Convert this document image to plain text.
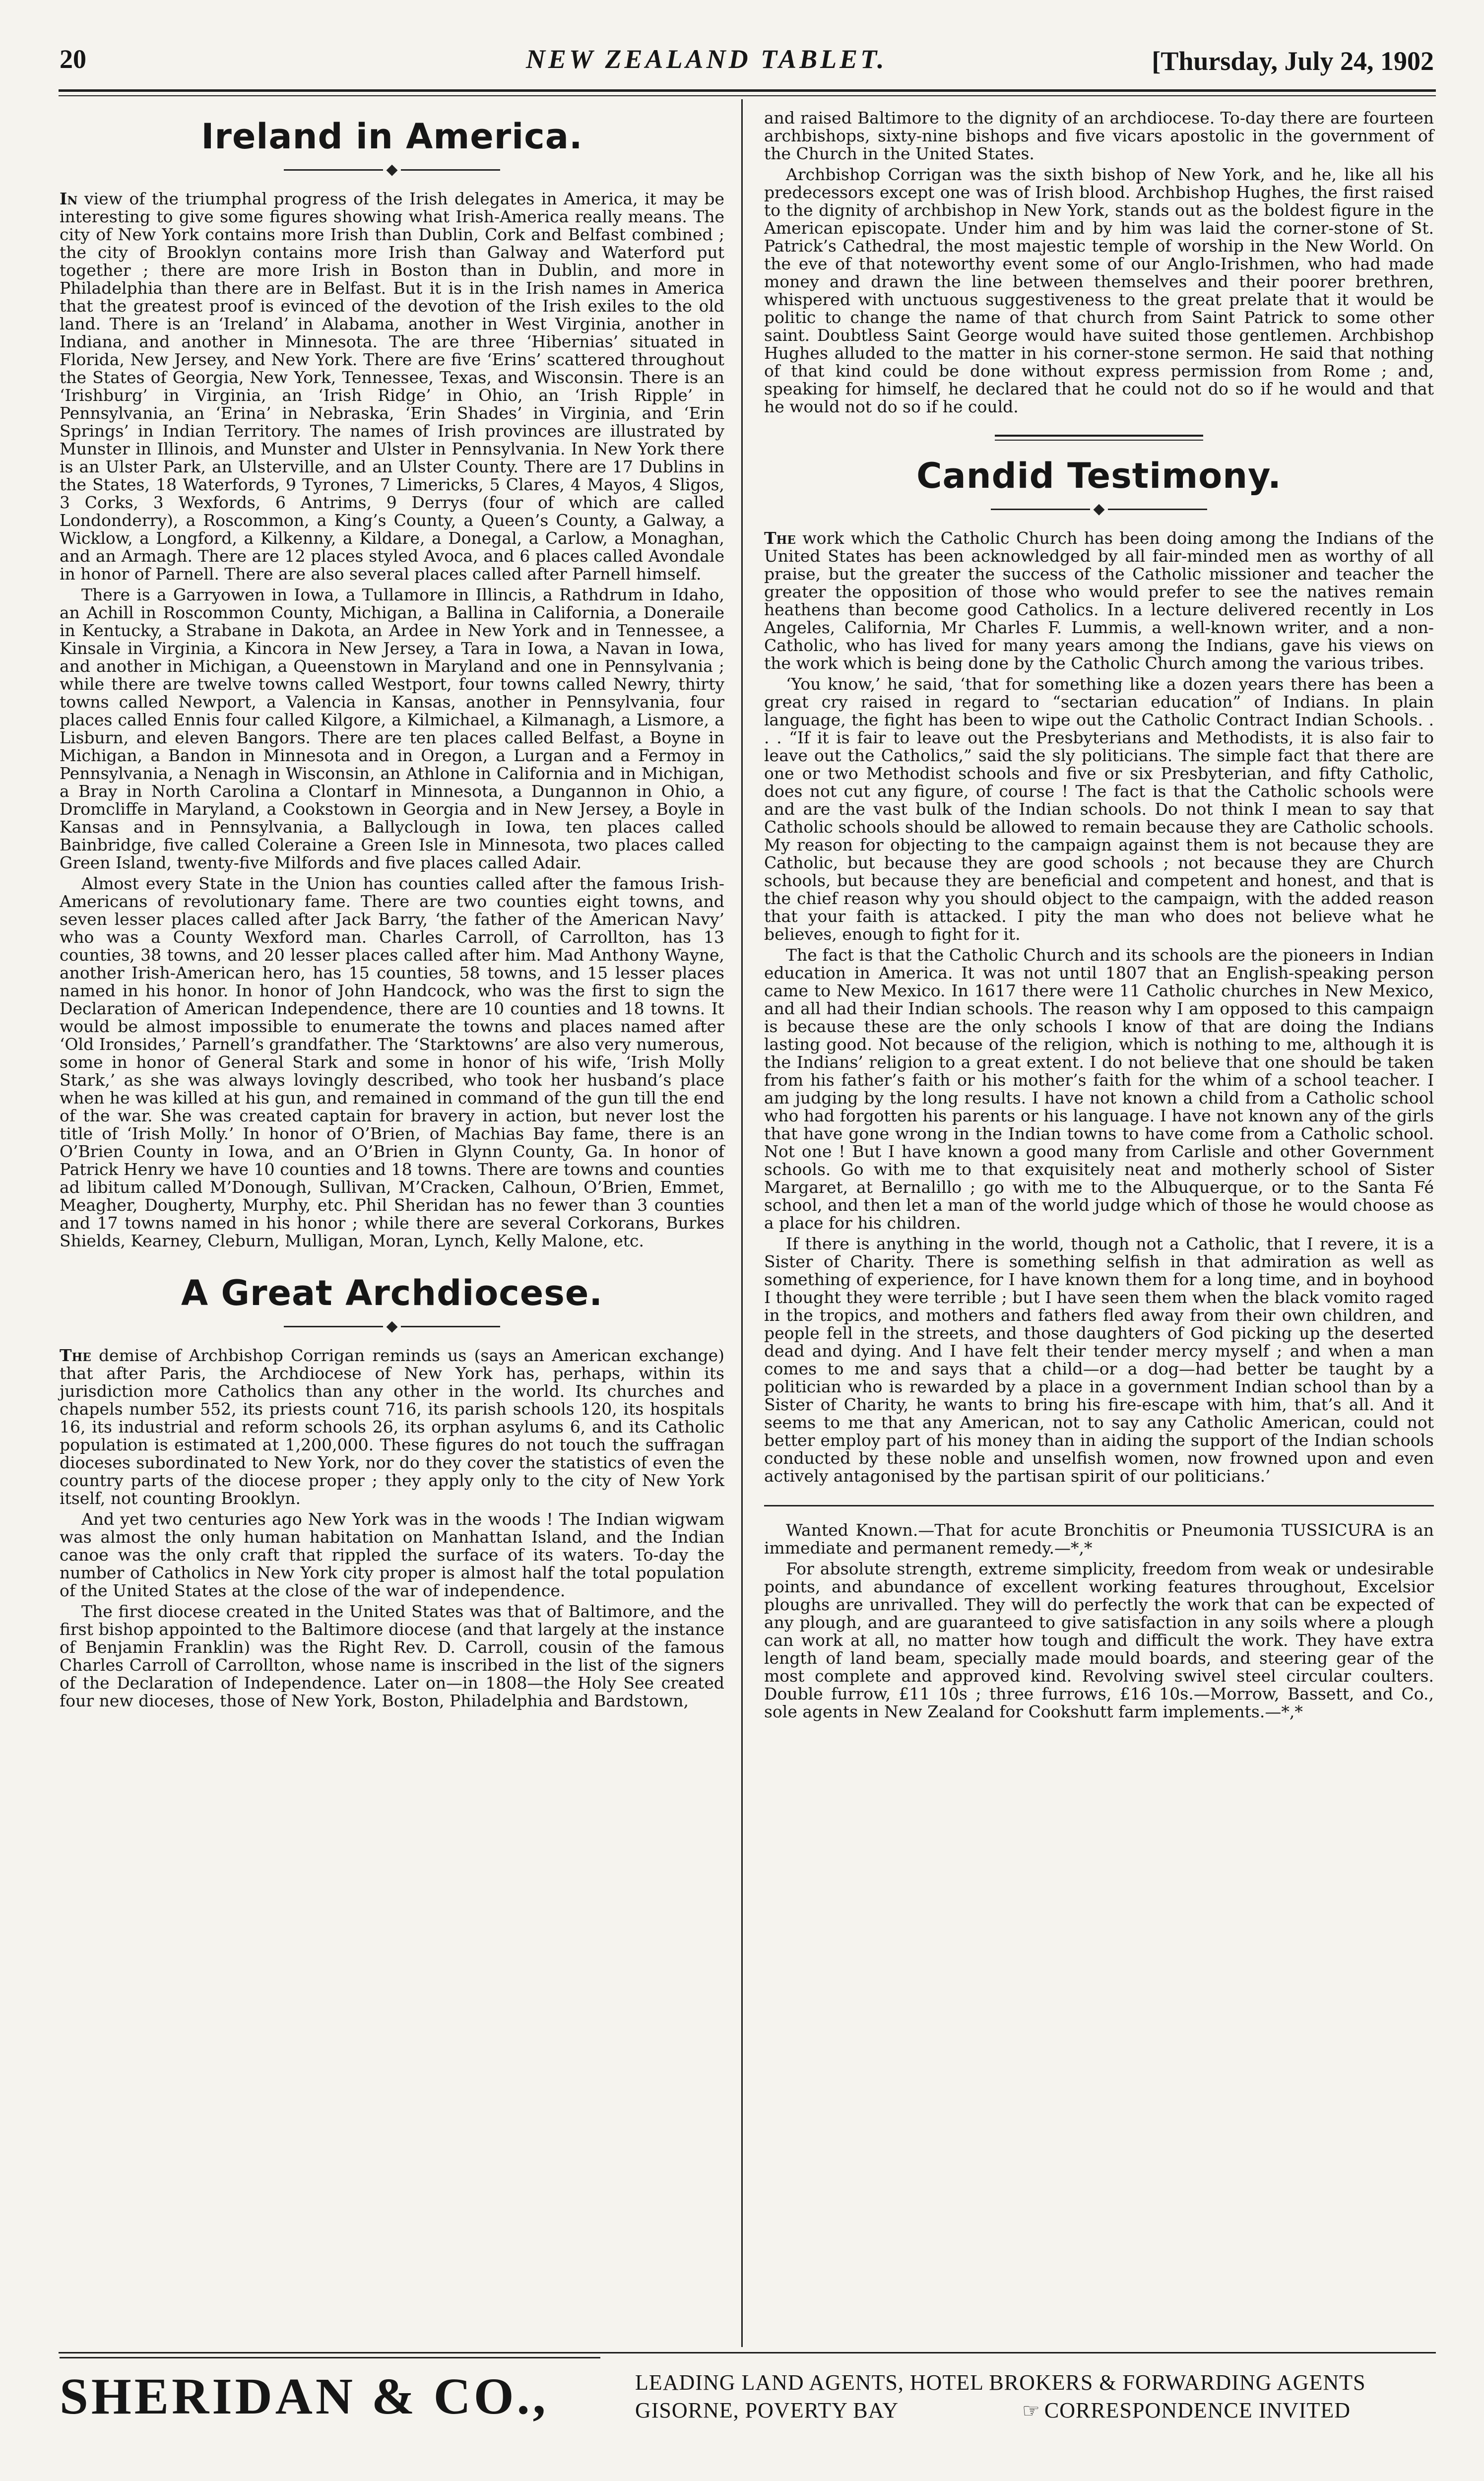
20	NEW ZEALAND TABLET.	[Thursday, July 24, 1902
Ireland in America.
◆

In view of the triumphal progress of the Irish delegates in America, it may be interesting to give some figures showing what Irish-America really means. The city of New York contains more Irish than Dublin, Cork and Belfast combined ; the city of Brooklyn contains more Irish than Galway and Waterford put together ; there are more Irish in Boston than in Dublin, and more in Philadelphia than there are in Belfast. But it is in the Irish names in America that the greatest proof is evinced of the devotion of the Irish exiles to the old land. There is an ‘Ireland’ in Alabama, another in West Virginia, another in Indiana, and another in Minnesota. The are three ‘Hibernias’ situated in Florida, New Jersey, and New York. There are five ‘Erins’ scattered throughout the States of Georgia, New York, Tennessee, Texas, and Wisconsin. There is an ‘Irishburg’ in Virginia, an ‘Irish Ridge’ in Ohio, an ‘Irish Ripple’ in Pennsylvania, an ‘Erina’ in Nebraska, ‘Erin Shades’ in Virginia, and ‘Erin Springs’ in Indian Territory. The names of Irish provinces are illustrated by Munster in Illinois, and Munster and Ulster in Pennsylvania. In New York there is an Ulster Park, an Ulsterville, and an Ulster County. There are 17 Dublins in the States, 18 Waterfords, 9 Tyrones, 7 Limericks, 5 Clares, 4 Mayos, 4 Sligos, 3 Corks, 3 Wexfords, 6 Antrims, 9 Derrys (four of which are called Londonderry), a Roscommon, a King’s County, a Queen’s County, a Galway, a Wicklow, a Longford, a Kilkenny, a Kildare, a Donegal, a Carlow, a Monaghan, and an Armagh. There are 12 places styled Avoca, and 6 places called Avondale in honor of Parnell. There are also several places called after Parnell himself.

There is a Garryowen in Iowa, a Tullamore in Illincis, a Rathdrum in Idaho, an Achill in Roscommon County, Michigan, a Ballina in California, a Doneraile in Kentucky, a Strabane in Dakota, an Ardee in New York and in Tennessee, a Kinsale in Virginia, a Kincora in New Jersey, a Tara in Iowa, a Navan in Iowa, and another in Michigan, a Queenstown in Maryland and one in Pennsylvania ; while there are twelve towns called Westport, four towns called Newry, thirty towns called Newport, a Valencia in Kansas, another in Pennsylvania, four places called Ennis four called Kilgore, a Kilmichael, a Kilmanagh, a Lismore, a Lisburn, and eleven Bangors. There are ten places called Belfast, a Boyne in Michigan, a Bandon in Minnesota and in Oregon, a Lurgan and a Fermoy in Pennsylvania, a Nenagh in Wisconsin, an Athlone in California and in Michigan, a Bray in North Carolina a Clontarf in Minnesota, a Dungannon in Ohio, a Dromcliffe in Maryland, a Cookstown in Georgia and in New Jersey, a Boyle in Kansas and in Pennsylvania, a Ballyclough in Iowa, ten places called Bainbridge, five called Coleraine a Green Isle in Minnesota, two places called Green Island, twenty-five Milfords and five places called Adair.

Almost every State in the Union has counties called after the famous Irish-Americans of revolutionary fame. There are two counties eight towns, and seven lesser places called after Jack Barry, ‘the father of the American Navy’ who was a County Wexford man. Charles Carroll, of Carrollton, has 13 counties, 38 towns, and 20 lesser places called after him. Mad Anthony Wayne, another Irish-American hero, has 15 counties, 58 towns, and 15 lesser places named in his honor. In honor of John Handcock, who was the first to sign the Declaration of American Independence, there are 10 counties and 18 towns. It would be almost impossible to enumerate the towns and places named after ‘Old Ironsides,’ Parnell’s grandfather. The ‘Starktowns’ are also very numerous, some in honor of General Stark and some in honor of his wife, ‘Irish Molly Stark,’ as she was always lovingly described, who took her husband’s place when he was killed at his gun, and remained in command of the gun till the end of the war. She was created captain for bravery in action, but never lost the title of ‘Irish Molly.’ In honor of O’Brien, of Machias Bay fame, there is an O’Brien County in Iowa, and an O’Brien in Glynn County, Ga. In honor of Patrick Henry we have 10 counties and 18 towns. There are towns and counties ad libitum called M’Donough, Sullivan, M’Cracken, Calhoun, O’Brien, Emmet, Meagher, Dougherty, Murphy, etc. Phil Sheridan has no fewer than 3 counties and 17 towns named in his honor ; while there are several Corkorans, Burkes Shields, Kearney, Cleburn, Mulligan, Moran, Lynch, Kelly Malone, etc.

A Great Archdiocese.
◆

The demise of Archbishop Corrigan reminds us (says an American exchange) that after Paris, the Archdiocese of New York has, perhaps, within its jurisdiction more Catholics than any other in the world. Its churches and chapels number 552, its priests count 716, its parish schools 120, its hospitals 16, its industrial and reform schools 26, its orphan asylums 6, and its Catholic population is estimated at 1,200,000. These figures do not touch the suffragan dioceses subordinated to New York, nor do they cover the statistics of even the country parts of the diocese proper ; they apply only to the city of New York itself, not counting Brooklyn.

And yet two centuries ago New York was in the woods ! The Indian wigwam was almost the only human habitation on Manhattan Island, and the Indian canoe was the only craft that rippled the surface of its waters. To-day the number of Catholics in New York city proper is almost half the total population of the United States at the close of the war of independence.

The first diocese created in the United States was that of Baltimore, and the first bishop appointed to the Baltimore diocese (and that largely at the instance of Benjamin Franklin) was the Right Rev. D. Carroll, cousin of the famous Charles Carroll of Carrollton, whose name is inscribed in the list of the signers of the Declaration of Independence. Later on—in 1808—the Holy See created four new dioceses, those of New York, Boston, Philadelphia and Bardstown,

and raised Baltimore to the dignity of an archdiocese. To-day there are fourteen archbishops, sixty-nine bishops and five vicars apostolic in the government of the Church in the United States.

Archbishop Corrigan was the sixth bishop of New York, and he, like all his predecessors except one was of Irish blood. Archbishop Hughes, the first raised to the dignity of archbishop in New York, stands out as the boldest figure in the American episcopate. Under him and by him was laid the corner-stone of St. Patrick’s Cathedral, the most majestic temple of worship in the New World. On the eve of that noteworthy event some of our Anglo-Irishmen, who had made money and drawn the line between themselves and their poorer brethren, whispered with unctuous suggestiveness to the great prelate that it would be politic to change the name of that church from Saint Patrick to some other saint. Doubtless Saint George would have suited those gentlemen. Archbishop Hughes alluded to the matter in his corner-stone sermon. He said that nothing of that kind could be done without express permission from Rome ; and, speaking for himself, he declared that he could not do so if he would and that he would not do so if he could.

Candid Testimony.
◆

The work which the Catholic Church has been doing among the Indians of the United States has been acknowledged by all fair-minded men as worthy of all praise, but the greater the success of the Catholic missioner and teacher the greater the opposition of those who would prefer to see the natives remain heathens than become good Catholics. In a lecture delivered recently in Los Angeles, California, Mr Charles F. Lummis, a well-known writer, and a non-Catholic, who has lived for many years among the Indians, gave his views on the work which is being done by the Catholic Church among the various tribes.

‘You know,’ he said, ‘that for something like a dozen years there has been a great cry raised in regard to “sectarian education” of Indians. In plain language, the fight has been to wipe out the Catholic Contract Indian Schools. . . . “If it is fair to leave out the Presbyterians and Methodists, it is also fair to leave out the Catholics,” said the sly politicians. The simple fact that there are one or two Methodist schools and five or six Presbyterian, and fifty Catholic, does not cut any figure, of course ! The fact is that the Catholic schools were and are the vast bulk of the Indian schools. Do not think I mean to say that Catholic schools should be allowed to remain because they are Catholic schools. My reason for objecting to the campaign against them is not because they are Catholic, but because they are good schools ; not because they are Church schools, but because they are beneficial and competent and honest, and that is the chief reason why you should object to the campaign, with the added reason that your faith is attacked. I pity the man who does not believe what he believes, enough to fight for it.

The fact is that the Catholic Church and its schools are the pioneers in Indian education in America. It was not until 1807 that an English-speaking person came to New Mexico. In 1617 there were 11 Catholic churches in New Mexico, and all had their Indian schools. The reason why I am opposed to this campaign is because these are the only schools I know of that are doing the Indians lasting good. Not because of the religion, which is nothing to me, although it is the Indians’ religion to a great extent. I do not believe that one should be taken from his father’s faith or his mother’s faith for the whim of a school teacher. I am judging by the long results. I have not known a child from a Catholic school who had forgotten his parents or his language. I have not known any of the girls that have gone wrong in the Indian towns to have come from a Catholic school. Not one ! But I have known a good many from Carlisle and other Government schools. Go with me to that exquisitely neat and motherly school of Sister Margaret, at Bernalillo ; go with me to the Albuquerque, or to the Santa Fé school, and then let a man of the world judge which of those he would choose as a place for his children.

If there is anything in the world, though not a Catholic, that I revere, it is a Sister of Charity. There is something selfish in that admiration as well as something of experience, for I have known them for a long time, and in boyhood I thought they were terrible ; but I have seen them when the black vomito raged in the tropics, and mothers and fathers fled away from their own children, and people fell in the streets, and those daughters of God picking up the deserted dead and dying. And I have felt their tender mercy myself ; and when a man comes to me and says that a child—or a dog—had better be taught by a politician who is rewarded by a place in a government Indian school than by a Sister of Charity, he wants to bring his fire-escape with him, that’s all. And it seems to me that any American, not to say any Catholic American, could not better employ part of his money than in aiding the support of the Indian schools conducted by these noble and unselfish women, now frowned upon and even actively antagonised by the partisan spirit of our politicians.’

Wanted Known.—That for acute Bronchitis or Pneumonia TUSSICURA is an immediate and permanent remedy.—*,*

For absolute strength, extreme simplicity, freedom from weak or undesirable points, and abundance of excellent working features throughout, Excelsior ploughs are unrivalled. They will do perfectly the work that can be expected of any plough, and are guaranteed to give satisfaction in any soils where a plough can work at all, no matter how tough and difficult the work. They have extra length of land beam, specially made mould boards, and steering gear of the most complete and approved kind. Revolving swivel steel circular coulters. Double furrow, £11 10s ; three furrows, £16 10s.—Morrow, Bassett, and Co., sole agents in New Zealand for Cookshutt farm implements.—*,*

SHERIDAN & CO.,	LEADING LAND AGENTS, HOTEL BROKERS & FORWARDING AGENTS
GISORNE, POVERTY BAY	☞ CORRESPONDENCE INVITED
